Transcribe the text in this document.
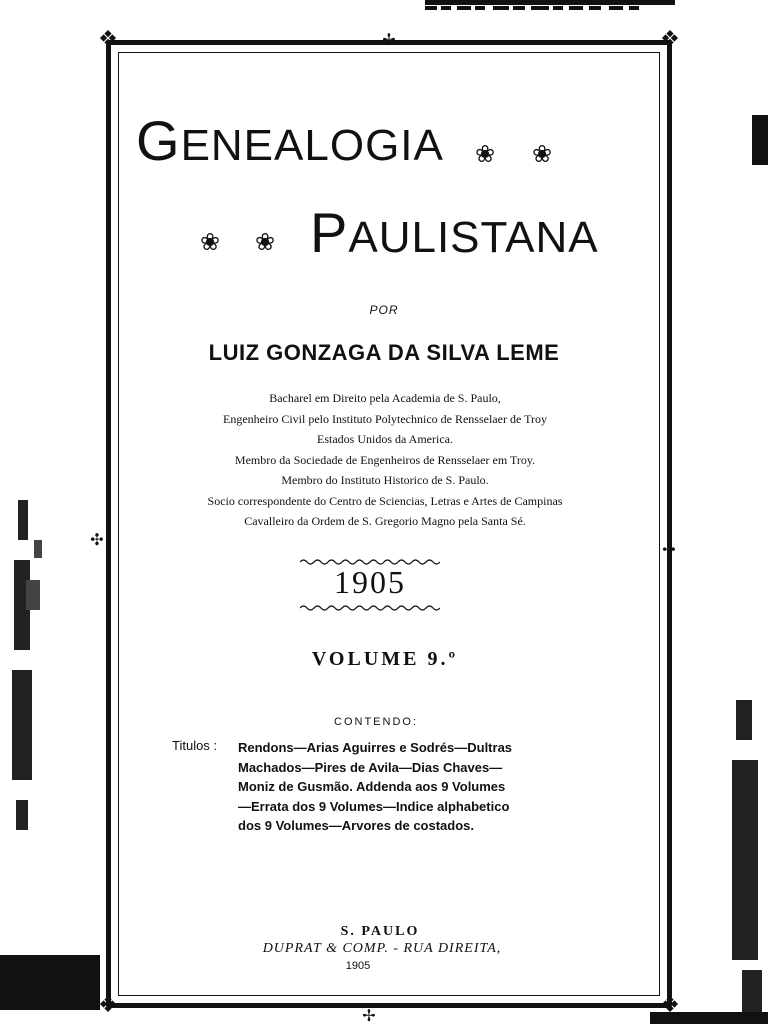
❖	❖
❖	❖
✢
✢
✣
✣
GENEALOGIA ❀ ❀
❀ ❀ PAULISTANA
POR
LUIZ GONZAGA DA SILVA LEME
Bacharel em Direito pela Academia de S. Paulo,
Engenheiro Civil pelo Instituto Polytechnico de Rensselaer de Troy
Estados Unidos da America.
Membro da Sociedade de Engenheiros de Rensselaer em Troy.
Membro do Instituto Historico de S. Paulo.
Socio correspondente do Centro de Sciencias, Letras e Artes de Campinas
Cavalleiro da Ordem de S. Gregorio Magno pela Santa Sé.
1905
VOLUME 9.º
CONTENDO:
Titulos : Rendons—Arias Aguirres e Sodrés—Dultras
Machados—Pires de Avila—Dias Chaves—
Moniz de Gusmão. Addenda aos 9 Volumes
—Errata dos 9 Volumes—Indice alphabetico
dos 9 Volumes—Arvores de costados.
S. PAULO
DUPRAT & COMP. - RUA DIREITA,
1905
